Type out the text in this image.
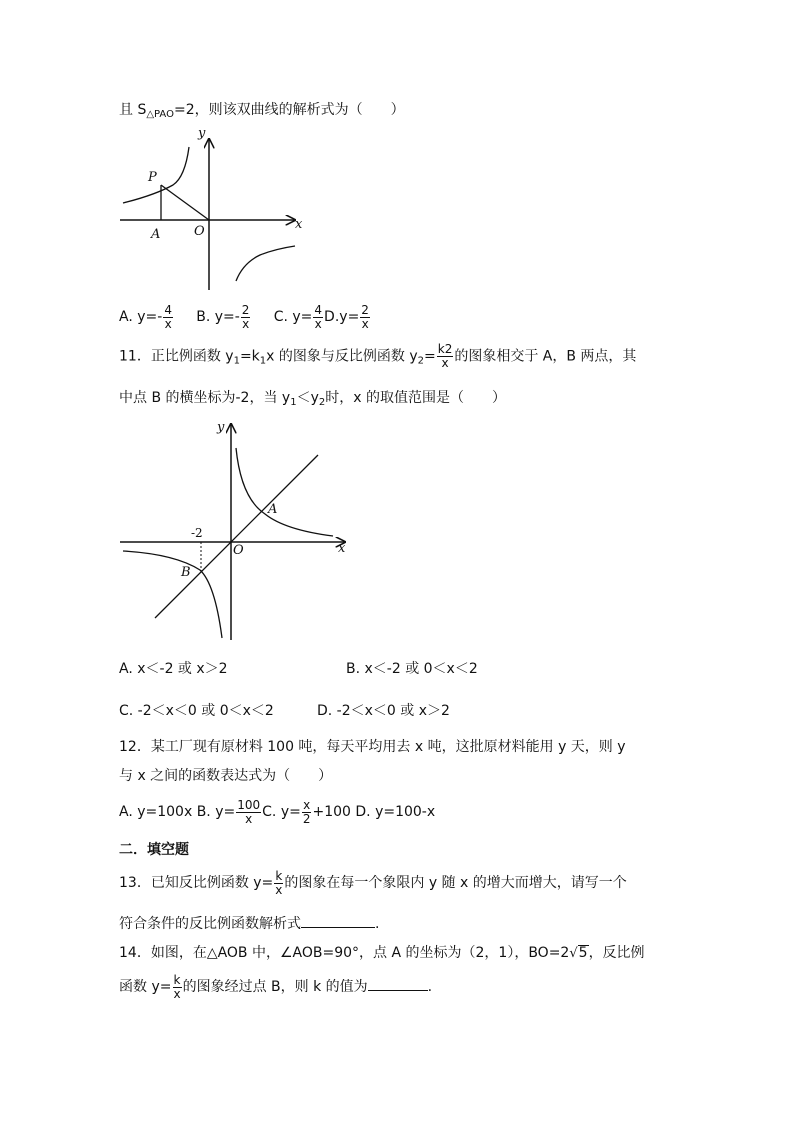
且 $S_{\triangle PAO}=2$，则该双曲线的解析式为（　　）
y
x
P
A	O
A. $y=- \frac{4}{x} B$. $y=- \frac{2}{x} C$. $y= \frac{4}{x} D.y= \frac{2}{x}$
11．正比例函数 $y_1=k_1x$ 的图象与反比例函数 $y_2= \frac{k2}{x}$ 的图象相交于 A，B 两点，其
中点 B 的横坐标为-2，当 $y_1<y_2$时，x 的取值范围是（　　）
y
x
A
B
O
-2
A. x＜-2 或 x＞2	B. x＜-2 或 0＜x＜2
C. -2＜x＜0 或 0＜x＜2	D. -2＜x＜0 或 x＞2
12．某工厂现有原材料 100 吨，每天平均用去 x 吨，这批原材料能用 y 天，则 y
与 x 之间的函数表达式为（　　）
A. y=100x B. $y= \frac{100}{x} C$. $y= \frac{x}{2} +100$ D. y=100-x
二．填空题
13．已知反比例函数 $y= \frac{k}{x}$ 的图象在每一个象限内 y 随 x 的增大而增大，请写一个
符合条件的反比例函数解析式	.
14．如图，在△AOB 中，∠AOB=90°，点 A 的坐标为（2，1），BO=2√5，反比例
函数 $y= \frac{k}{x}$ 的图象经过点 B，则 k 的值为	.
